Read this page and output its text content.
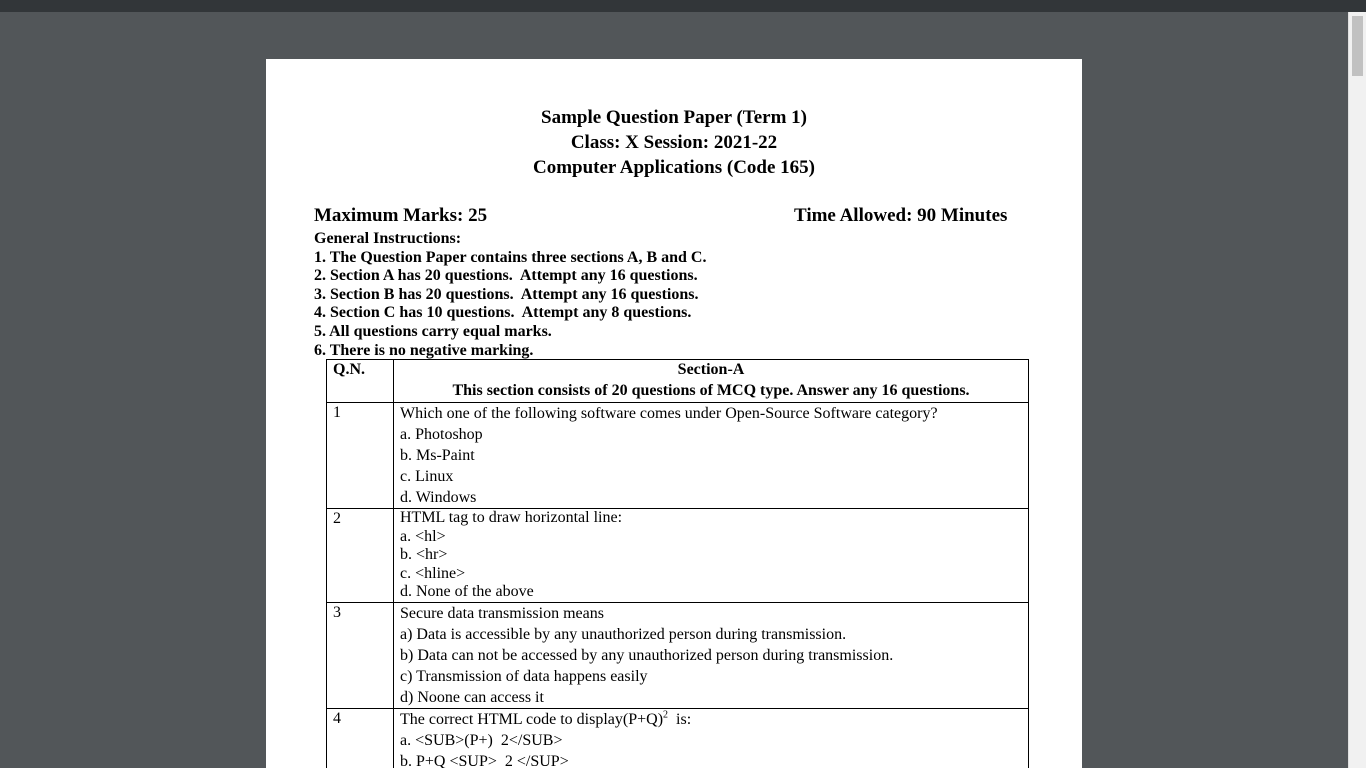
Sample Question Paper (Term 1)
Class: X Session: 2021-22
Computer Applications (Code 165)
Maximum Marks: 25	Time Allowed: 90 Minutes
General Instructions:
1. The Question Paper contains three sections A, B and C.
2. Section A has 20 questions.  Attempt any 16 questions.
3. Section B has 20 questions.  Attempt any 16 questions.
4. Section C has 10 questions.  Attempt any 8 questions.
5. All questions carry equal marks.
6. There is no negative marking.
Q.N.	Section-A
This section consists of 20 questions of MCQ type. Answer any 16 questions.

1	Which one of the following software comes under Open-Source Software category?
a. Photoshop
b. Ms-Paint
c. Linux
d. Windows

2	HTML tag to draw horizontal line:
a. <hl>
b. <hr>
c. <hline>
d. None of the above

3	Secure data transmission means
a) Data is accessible by any unauthorized person during transmission.
b) Data can not be accessed by any unauthorized person during transmission.
c) Transmission of data happens easily
d) Noone can access it

4	The correct HTML code to $display(P+Q)^2$  is:
a. <SUB>(P+)  2</SUB>
b. P+Q <SUP>  2 </SUP>
